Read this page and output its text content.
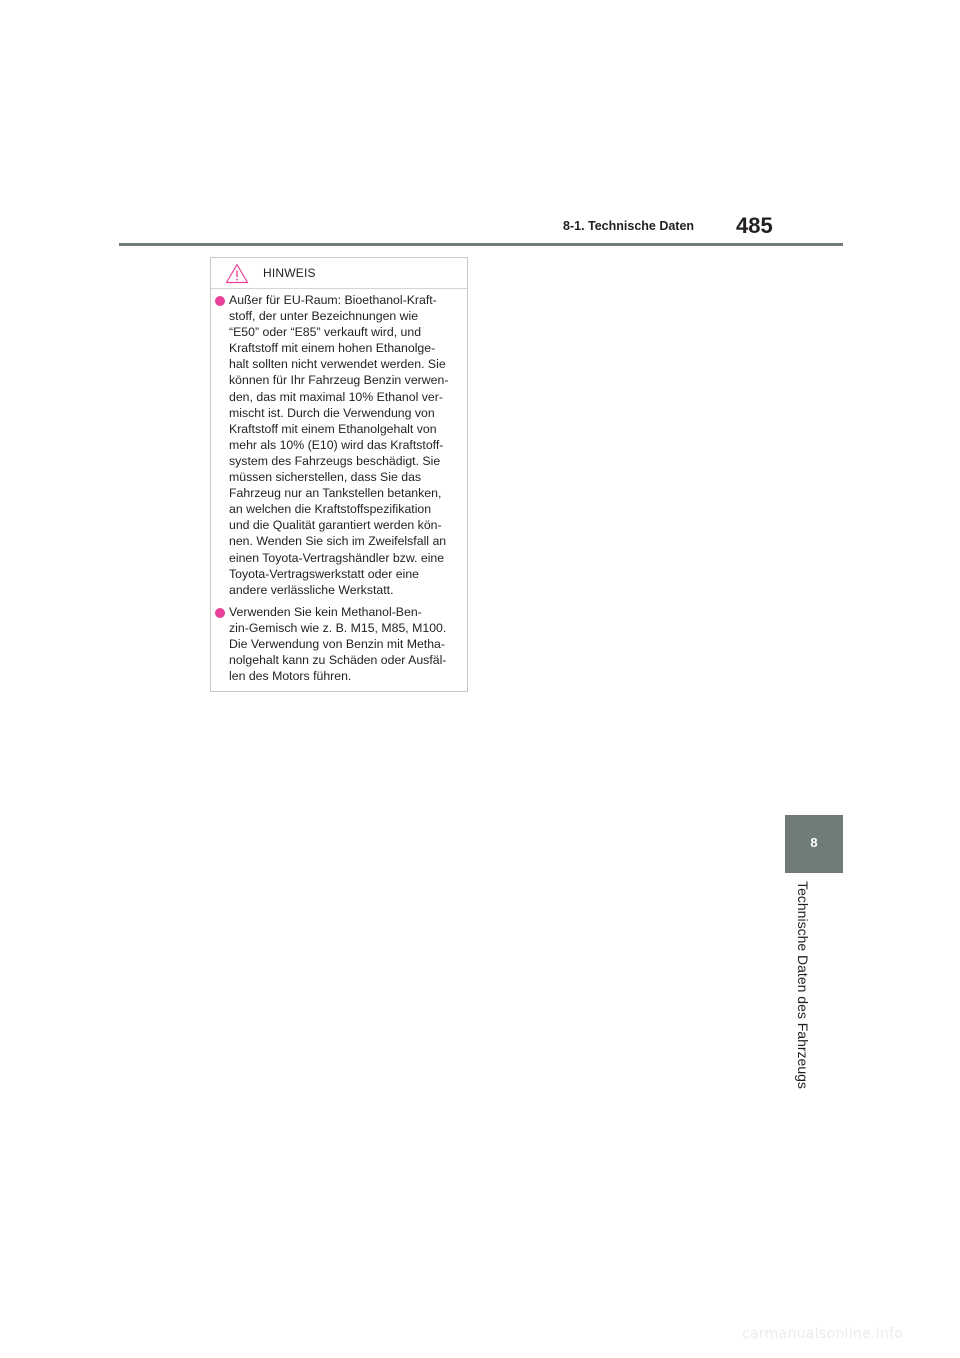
8-1. Technische Daten 485
HINWEIS

Außer für EU-Raum: Bioethanol-Kraft-
stoff, der unter Bezeichnungen wie
“E50” oder “E85” verkauft wird, und
Kraftstoff mit einem hohen Ethanolge-
halt sollten nicht verwendet werden. Sie
können für Ihr Fahrzeug Benzin verwen-
den, das mit maximal 10% Ethanol ver-
mischt ist. Durch die Verwendung von
Kraftstoff mit einem Ethanolgehalt von
mehr als 10% (E10) wird das Kraftstoff-
system des Fahrzeugs beschädigt. Sie
müssen sicherstellen, dass Sie das
Fahrzeug nur an Tankstellen betanken,
an welchen die Kraftstoffspezifikation
und die Qualität garantiert werden kön-
nen. Wenden Sie sich im Zweifelsfall an
einen Toyota-Vertragshändler bzw. eine
Toyota-Vertragswerkstatt oder eine
andere verlässliche Werkstatt.

Verwenden Sie kein Methanol-Ben-
zin-Gemisch wie z. B. M15, M85, M100.
Die Verwendung von Benzin mit Metha-
nolgehalt kann zu Schäden oder Ausfäl-
len des Motors führen.

8
Technische Daten des Fahrzeugs
carmanualsonline.info
